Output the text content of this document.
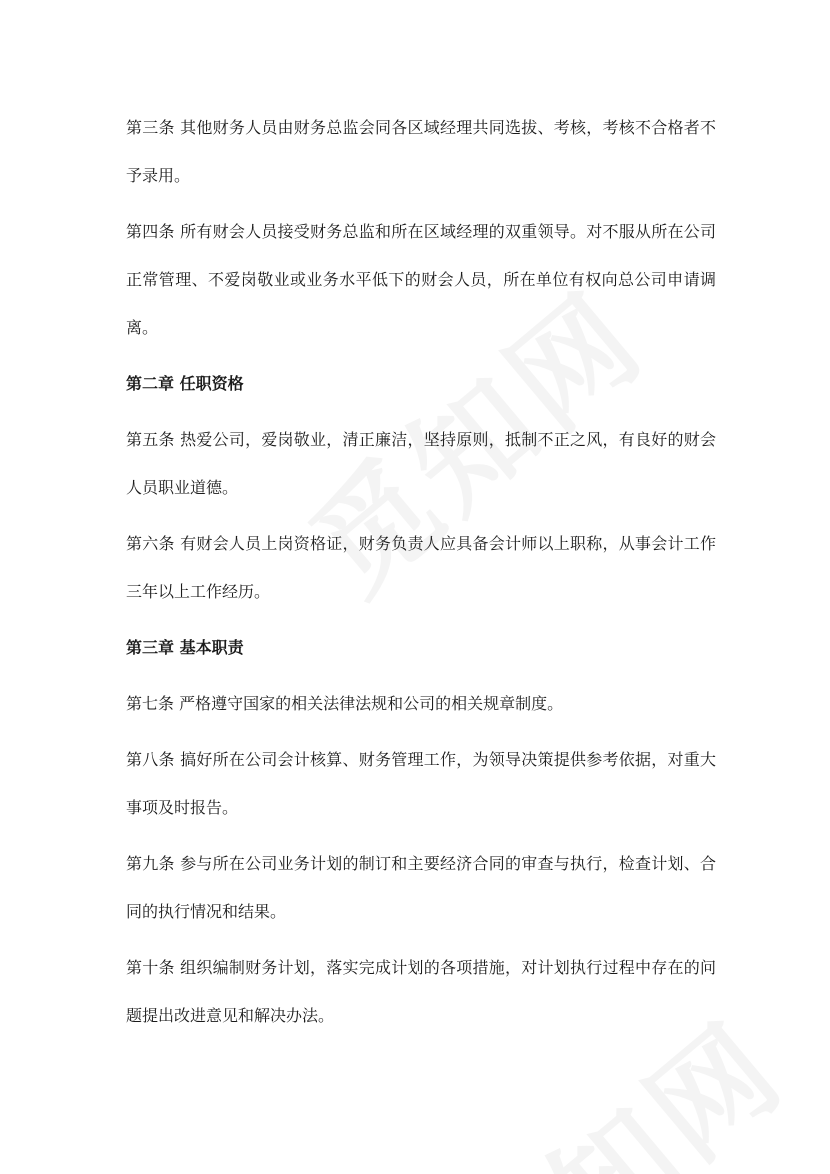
第三条 其他财务人员由财务总监会同各区域经理共同选拔、考核，考核不合格者不予录用。

第四条 所有财会人员接受财务总监和所在区域经理的双重领导。对不服从所在公司正常管理、不爱岗敬业或业务水平低下的财会人员，所在单位有权向总公司申请调离。

第二章 任职资格

第五条 热爱公司，爱岗敬业，清正廉洁，坚持原则，抵制不正之风，有良好的财会人员职业道德。

第六条 有财会人员上岗资格证，财务负责人应具备会计师以上职称，从事会计工作三年以上工作经历。

第三章 基本职责

第七条 严格遵守国家的相关法律法规和公司的相关规章制度。

第八条 搞好所在公司会计核算、财务管理工作，为领导决策提供参考依据，对重大事项及时报告。

第九条 参与所在公司业务计划的制订和主要经济合同的审查与执行，检查计划、合同的执行情况和结果。

第十条 组织编制财务计划，落实完成计划的各项措施，对计划执行过程中存在的问题提出改进意见和解决办法。
